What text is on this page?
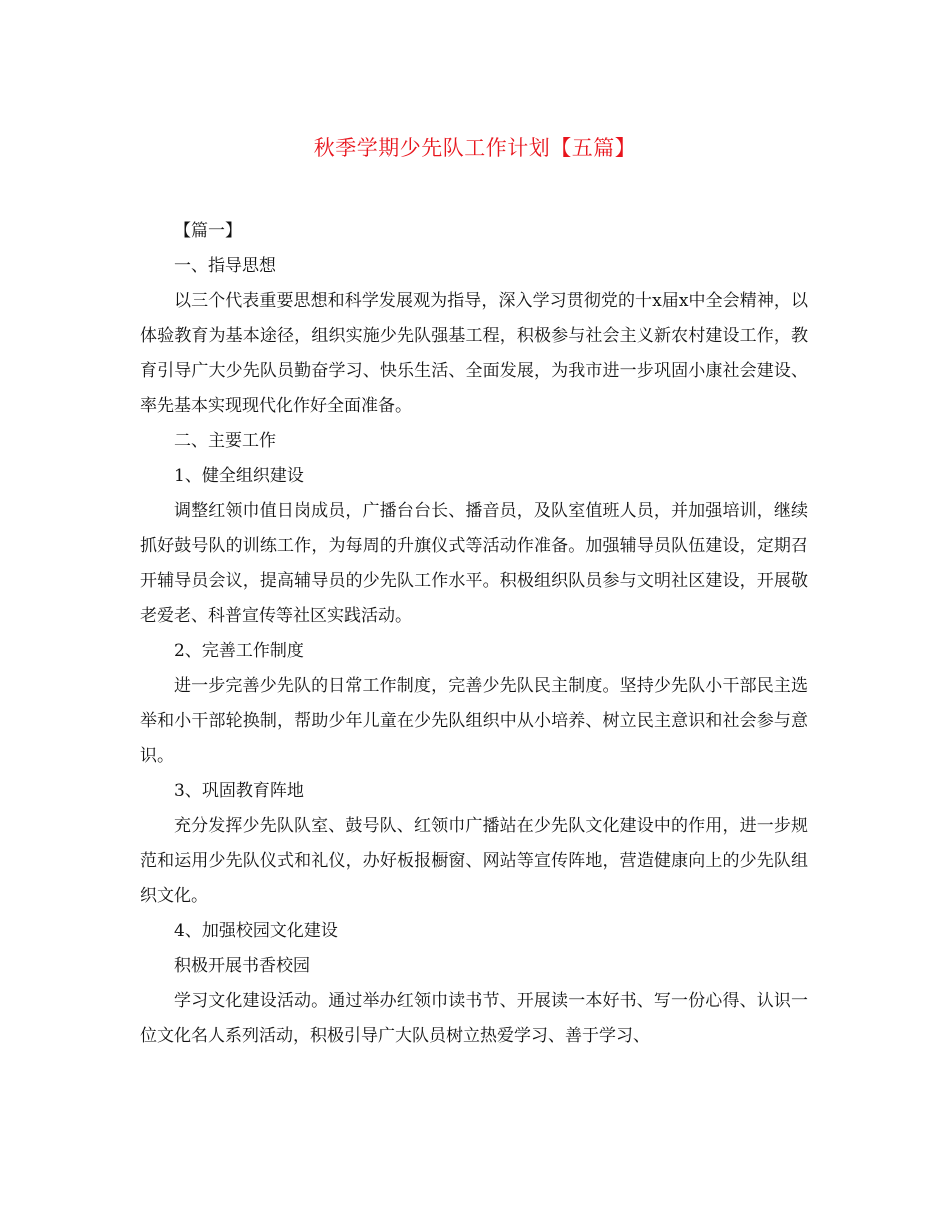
秋季学期少先队工作计划【五篇】

【篇一】

一、指导思想

以三个代表重要思想和科学发展观为指导，深入学习贯彻党的十x届x中全会精神，以体验教育为基本途径，组织实施少先队强基工程，积极参与社会主义新农村建设工作，教育引导广大少先队员勤奋学习、快乐生活、全面发展，为我市进一步巩固小康社会建设、率先基本实现现代化作好全面准备。

二、主要工作

1、健全组织建设

调整红领巾值日岗成员，广播台台长、播音员，及队室值班人员，并加强培训，继续抓好鼓号队的训练工作，为每周的升旗仪式等活动作准备。加强辅导员队伍建设，定期召开辅导员会议，提高辅导员的少先队工作水平。积极组织队员参与文明社区建设，开展敬老爱老、科普宣传等社区实践活动。

2、完善工作制度

进一步完善少先队的日常工作制度，完善少先队民主制度。坚持少先队小干部民主选举和小干部轮换制，帮助少年儿童在少先队组织中从小培养、树立民主意识和社会参与意识。

3、巩固教育阵地

充分发挥少先队队室、鼓号队、红领巾广播站在少先队文化建设中的作用，进一步规范和运用少先队仪式和礼仪，办好板报橱窗、网站等宣传阵地，营造健康向上的少先队组织文化。

4、加强校园文化建设

积极开展书香校园

学习文化建设活动。通过举办红领巾读书节、开展读一本好书、写一份心得、认识一位文化名人系列活动，积极引导广大队员树立热爱学习、善于学习、
